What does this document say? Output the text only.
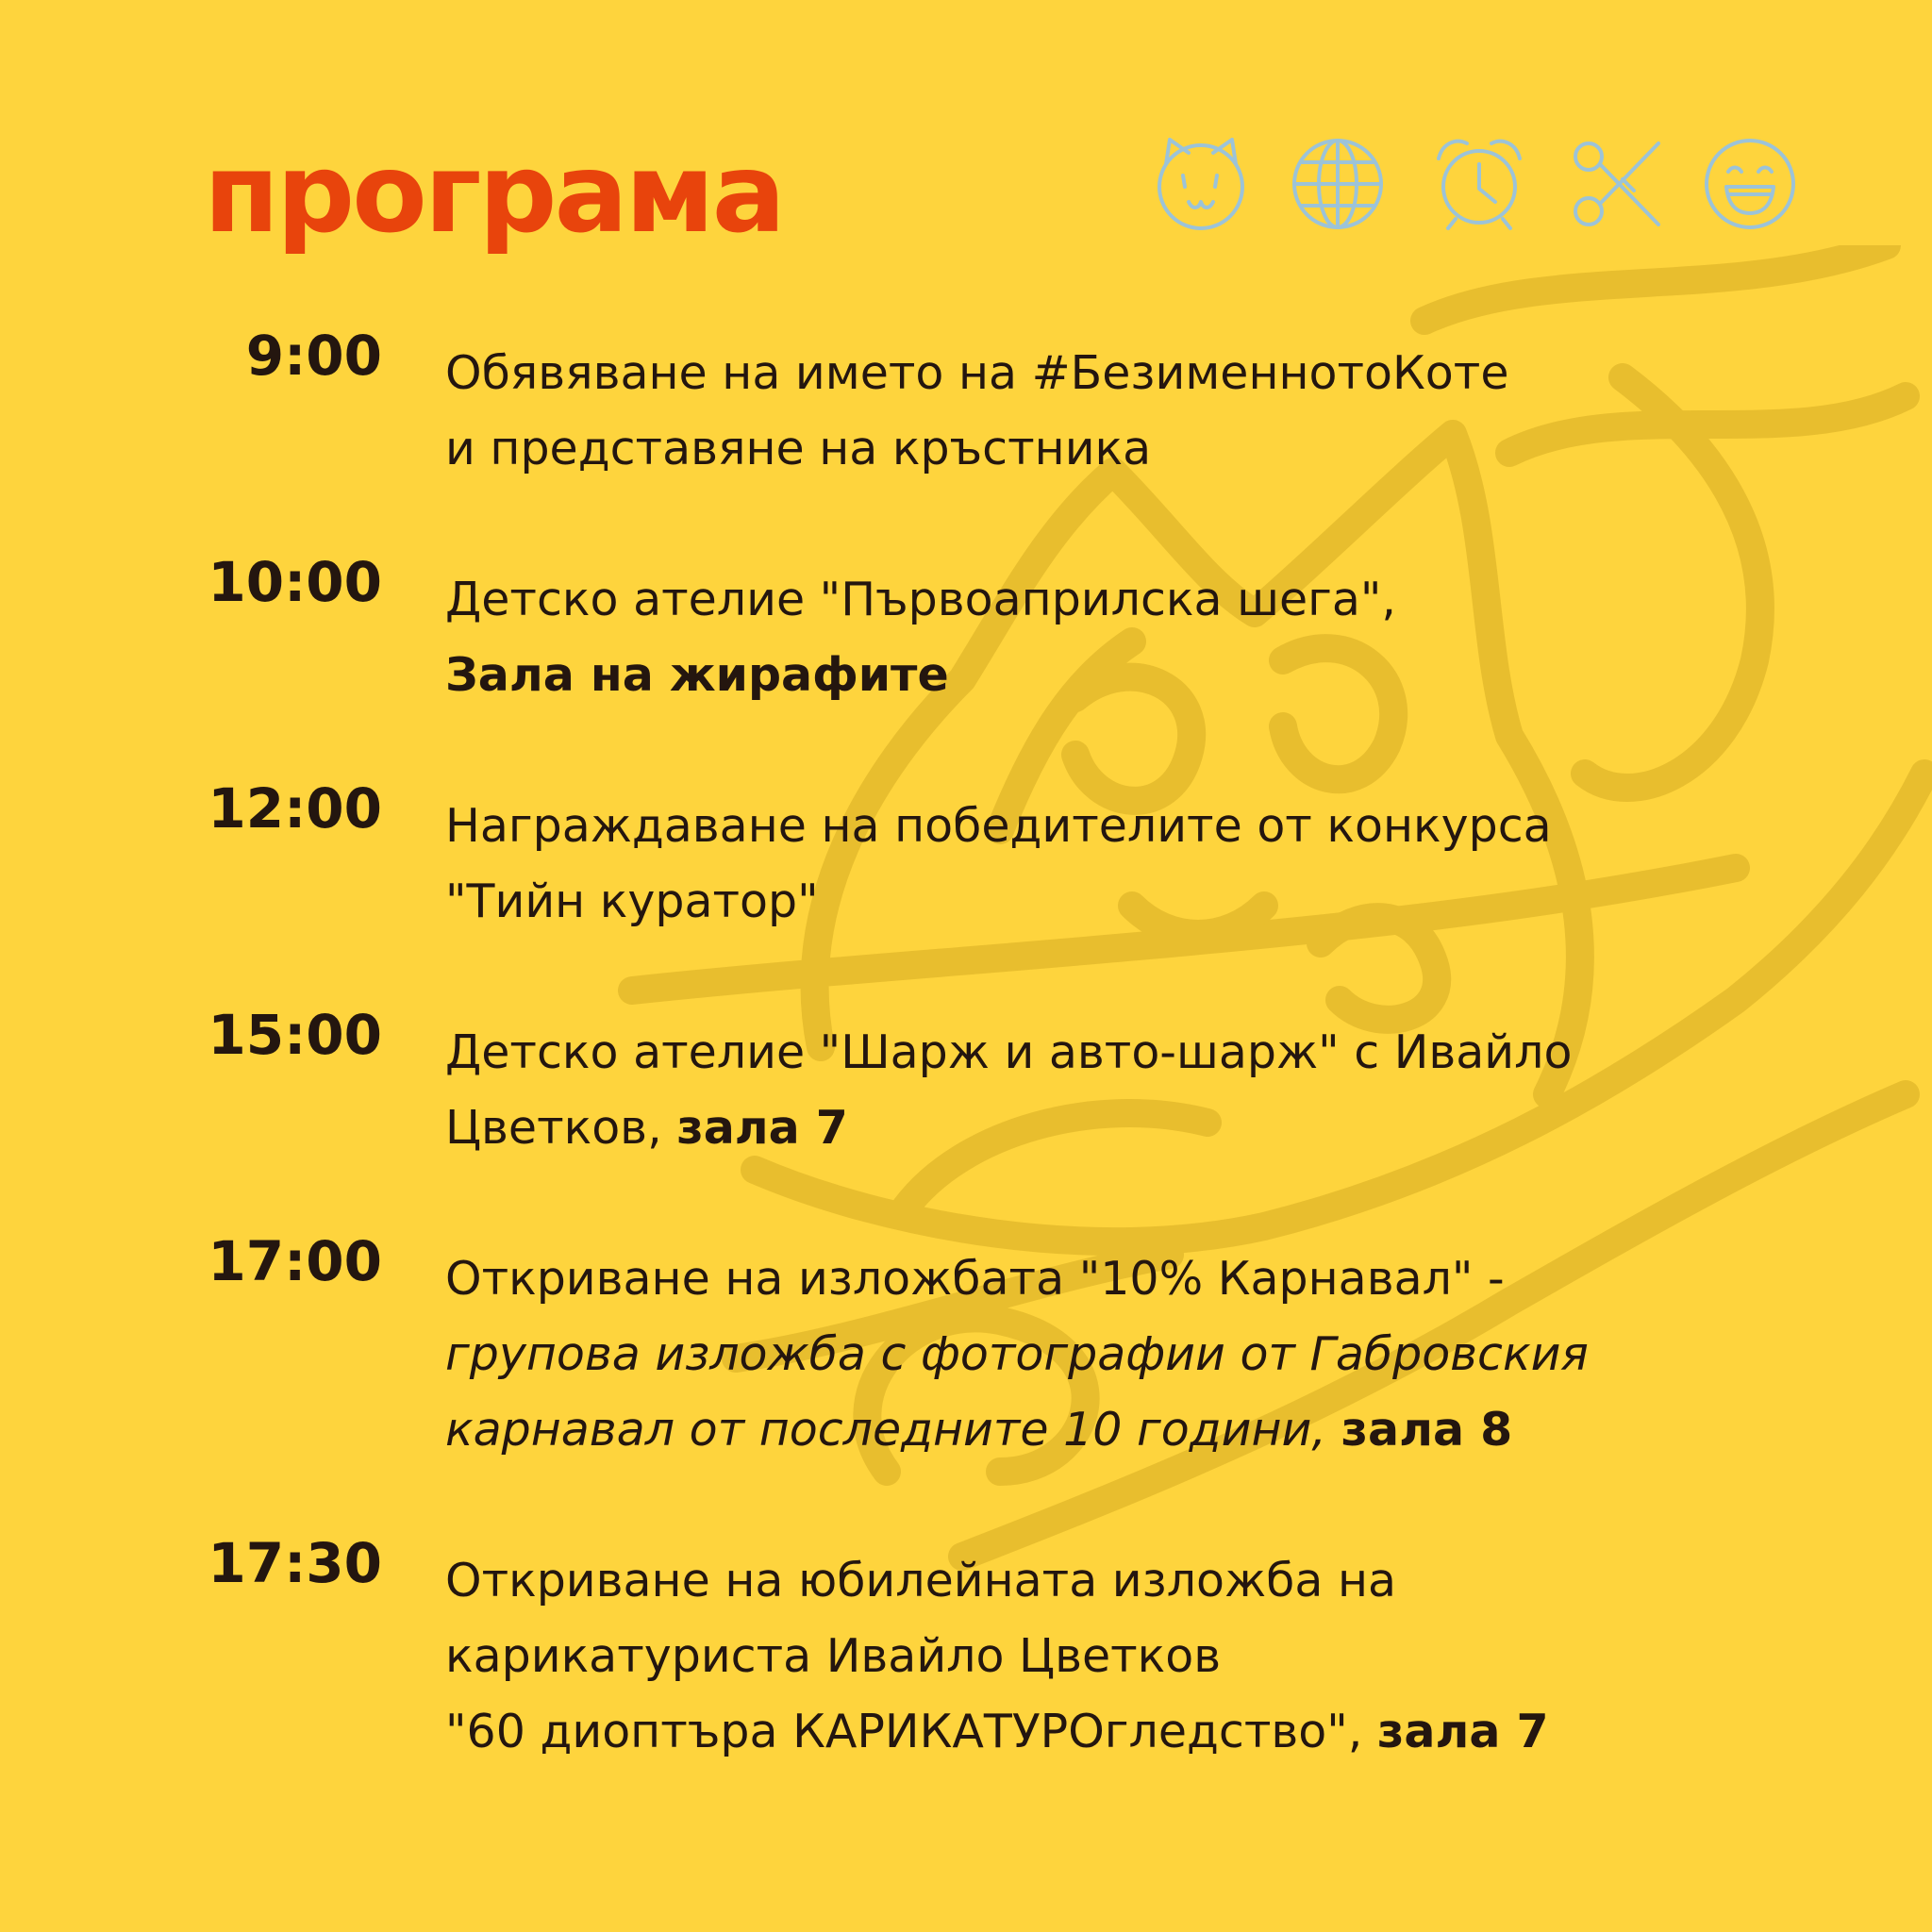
програма
9:00 Обявяване на името на #БезименнотоКоте
и представяне на кръстника
10:00 Детско ателие "Първоаприлска шега",
Зала на жирафите
12:00 Награждаване на победителите от конкурса
"Тийн куратор"
15:00 Детско ателие "Шарж и авто-шарж" с Ивайло
Цветков, зала 7
17:00 Откриване на изложбата "10% Карнавал" -
групова изложба с фотографии от Габровския
карнавал от последните 10 години, зала 8
17:30 Откриване на юбилейната изложба на
карикатуриста Ивайло Цветков
"60 диоптъра КАРИКАТУРОгледство", зала 7
